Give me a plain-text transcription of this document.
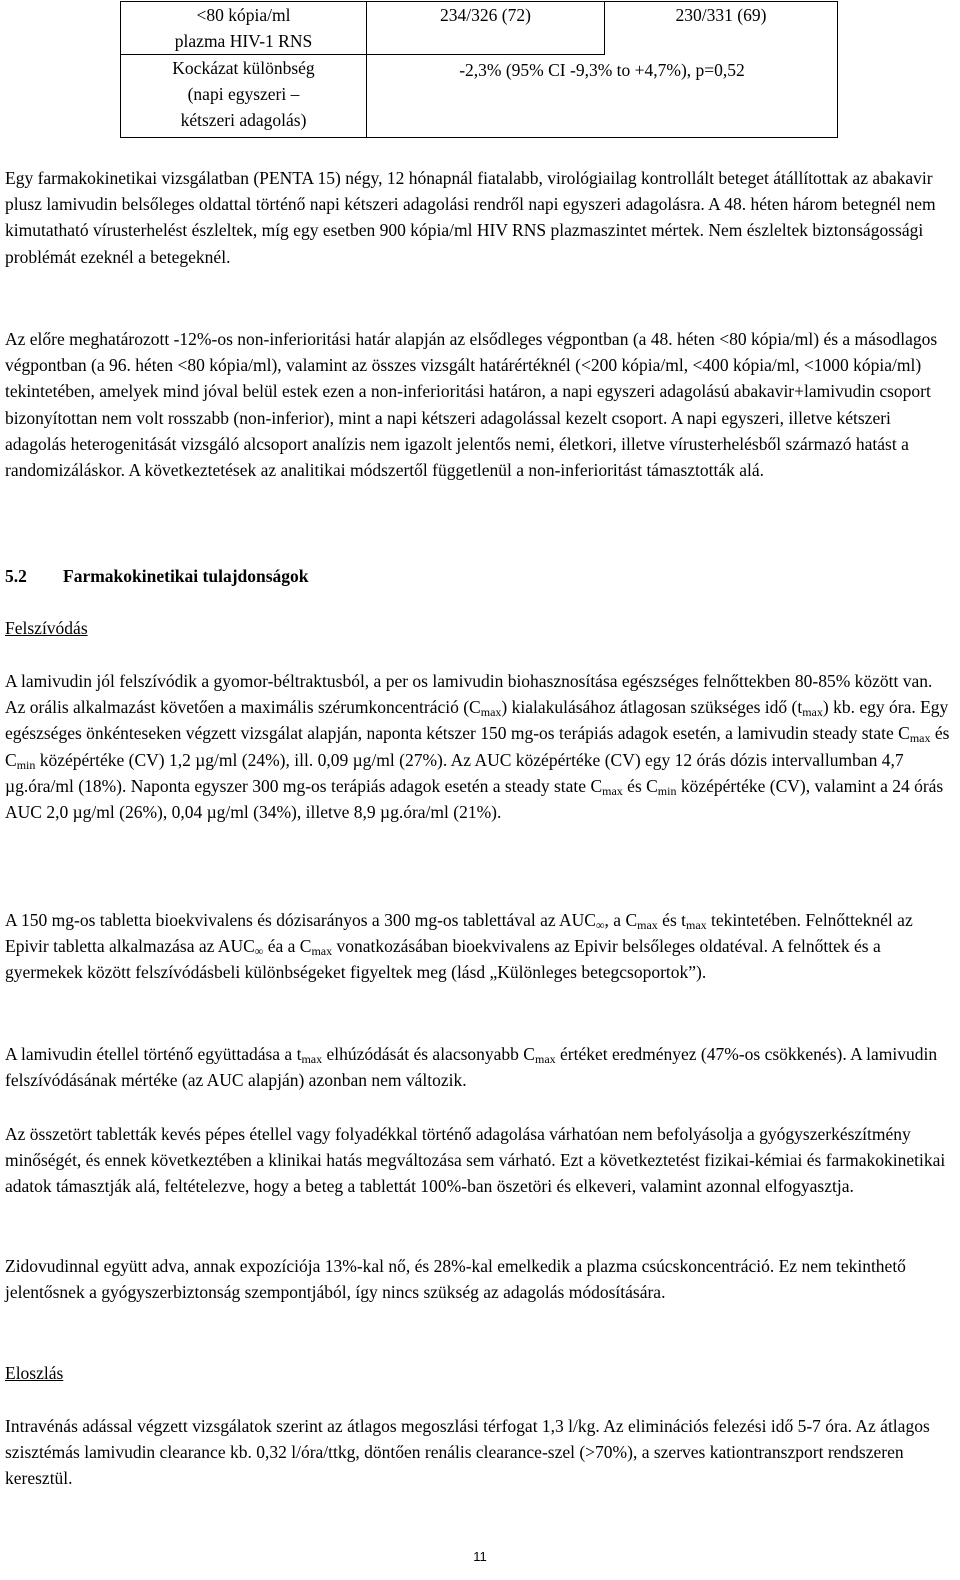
<80 kópia/ml
plazma HIV-1 RNS	234/326 (72)	230/331 (69)

Kockázat különbség
(napi egyszeri –
kétszeri adagolás)	-2,3% (95% CI -9,3% to +4,7%), p=0,52	

Egy farmakokinetikai vizsgálatban (PENTA 15) négy, 12 hónapnál fiatalabb, virológiailag kontrollált beteget átállítottak az abakavir plusz lamivudin belsőleges oldattal történő napi kétszeri adagolási rendről napi egyszeri adagolásra. A 48. héten három betegnél nem kimutatható vírusterhelést észleltek, míg egy esetben 900 kópia/ml HIV RNS plazmaszintet mértek. Nem észleltek biztonságossági problémát ezeknél a betegeknél.

Az előre meghatározott -12%-os non-inferioritási határ alapján az elsődleges végpontban (a 48. héten <80 kópia/ml) és a másodlagos végpontban (a 96. héten <80 kópia/ml), valamint az összes vizsgált határértéknél (<200 kópia/ml, <400 kópia/ml, <1000 kópia/ml) tekintetében, amelyek mind jóval belül estek ezen a non-inferioritási határon, a napi egyszeri adagolású abakavir+lamivudin csoport bizonyítottan nem volt rosszabb (non-inferior), mint a napi kétszeri adagolással kezelt csoport. A napi egyszeri, illetve kétszeri adagolás heterogenitását vizsgáló alcsoport analízis nem igazolt jelentős nemi, életkori, illetve vírusterhelésből származó hatást a randomizáláskor. A következtetések az analitikai módszertől függetlenül a non-inferioritást támasztották alá.

5.2 Farmakokinetikai tulajdonságok
Felszívódás

A lamivudin jól felszívódik a gyomor-béltraktusból, a per os lamivudin biohasznosítása egészséges felnőttekben 80-85% között van. Az orális alkalmazást követően a maximális szérumkoncentráció $(C_{max})$ kialakulásához átlagosan szükséges idő $(t_{max})$ kb. egy óra. Egy egészséges önkénteseken végzett vizsgálat alapján, naponta kétszer 150 mg-os terápiás adagok esetén, a lamivudin steady state $C_{max}$ és $C_{min}$ középértéke (CV) 1,2 µg/ml (24%), ill. 0,09 µg/ml (27%). Az AUC középértéke (CV) egy 12 órás dózis intervallumban 4,7 µg.óra/ml (18%). Naponta egyszer 300 mg-os terápiás adagok esetén a steady state $C_{max}$ és $C_{min}$ középértéke (CV), valamint a 24 órás AUC 2,0 µg/ml (26%), 0,04 µg/ml (34%), illetve 8,9 µg.óra/ml (21%).

A 150 mg-os tabletta bioekvivalens és dózisarányos a 300 mg-os tablettával az $AUC_\infty$, a $C_{max}$ és $t_{max}$ tekintetében. Felnőtteknél az Epivir tabletta alkalmazása az $AUC_\infty$ éa a $C_{max}$ vonatkozásában bioekvivalens az Epivir belsőleges oldatéval. A felnőttek és a gyermekek között felszívódásbeli különbségeket figyeltek meg (lásd „Különleges betegcsoportok”).

A lamivudin étellel történő együttadása a $t_{max}$ elhúzódását és alacsonyabb $C_{max}$ értéket eredményez (47%-os csökkenés). A lamivudin felszívódásának mértéke (az AUC alapján) azonban nem változik.

Az összetört tabletták kevés pépes étellel vagy folyadékkal történő adagolása várhatóan nem befolyásolja a gyógyszerkészítmény minőségét, és ennek következtében a klinikai hatás megváltozása sem várható. Ezt a következtetést fizikai-kémiai és farmakokinetikai adatok támasztják alá, feltételezve, hogy a beteg a tablettát 100%-ban öszetöri és elkeveri, valamint azonnal elfogyasztja.

Zidovudinnal együtt adva, annak expozíciója 13%-kal nő, és 28%-kal emelkedik a plazma csúcskoncentráció. Ez nem tekinthető jelentősnek a gyógyszerbiztonság szempontjából, így nincs szükség az adagolás módosítására.

Eloszlás

Intravénás adással végzett vizsgálatok szerint az átlagos megoszlási térfogat 1,3 l/kg. Az eliminációs felezési idő 5-7 óra. Az átlagos szisztémás lamivudin clearance kb. 0,32 l/óra/ttkg, döntően renális clearance-szel (>70%), a szerves kationtranszport rendszeren keresztül.

11
